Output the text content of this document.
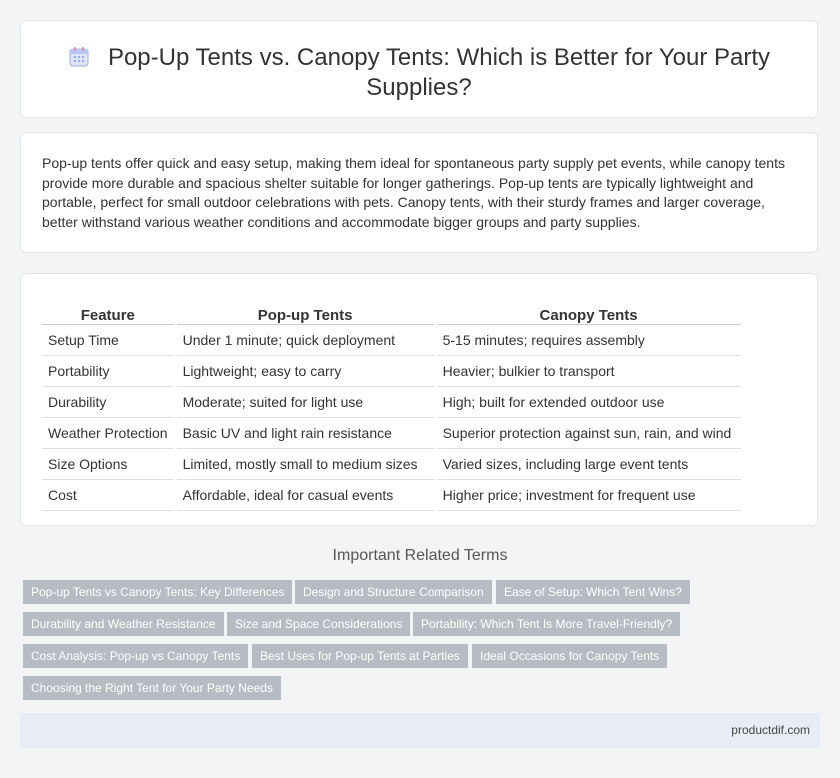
Pop-Up Tents vs. Canopy Tents: Which is Better for Your Party Supplies?

Pop-up tents offer quick and easy setup, making them ideal for spontaneous party supply pet events, while canopy tents provide more durable and spacious shelter suitable for longer gatherings. Pop-up tents are typically lightweight and portable, perfect for small outdoor celebrations with pets. Canopy tents, with their sturdy frames and larger coverage, better withstand various weather conditions and accommodate bigger groups and party supplies.

Feature	Pop-up Tents	Canopy Tents
Setup Time	Under 1 minute; quick deployment	5-15 minutes; requires assembly
Portability	Lightweight; easy to carry	Heavier; bulkier to transport
Durability	Moderate; suited for light use	High; built for extended outdoor use
Weather Protection	Basic UV and light rain resistance	Superior protection against sun, rain, and wind
Size Options	Limited, mostly small to medium sizes	Varied sizes, including large event tents
Cost	Affordable, ideal for casual events	Higher price; investment for frequent use
Important Related Terms
Pop-up Tents vs Canopy Tents: Key Differences	Design and Structure Comparison	Ease of Setup: Which Tent Wins?
Durability and Weather Resistance	Size and Space Considerations	Portability: Which Tent Is More Travel-Friendly?
Cost Analysis: Pop-up vs Canopy Tents	Best Uses for Pop-up Tents at Parties	Ideal Occasions for Canopy Tents
Choosing the Right Tent for Your Party Needs
productdif.com
